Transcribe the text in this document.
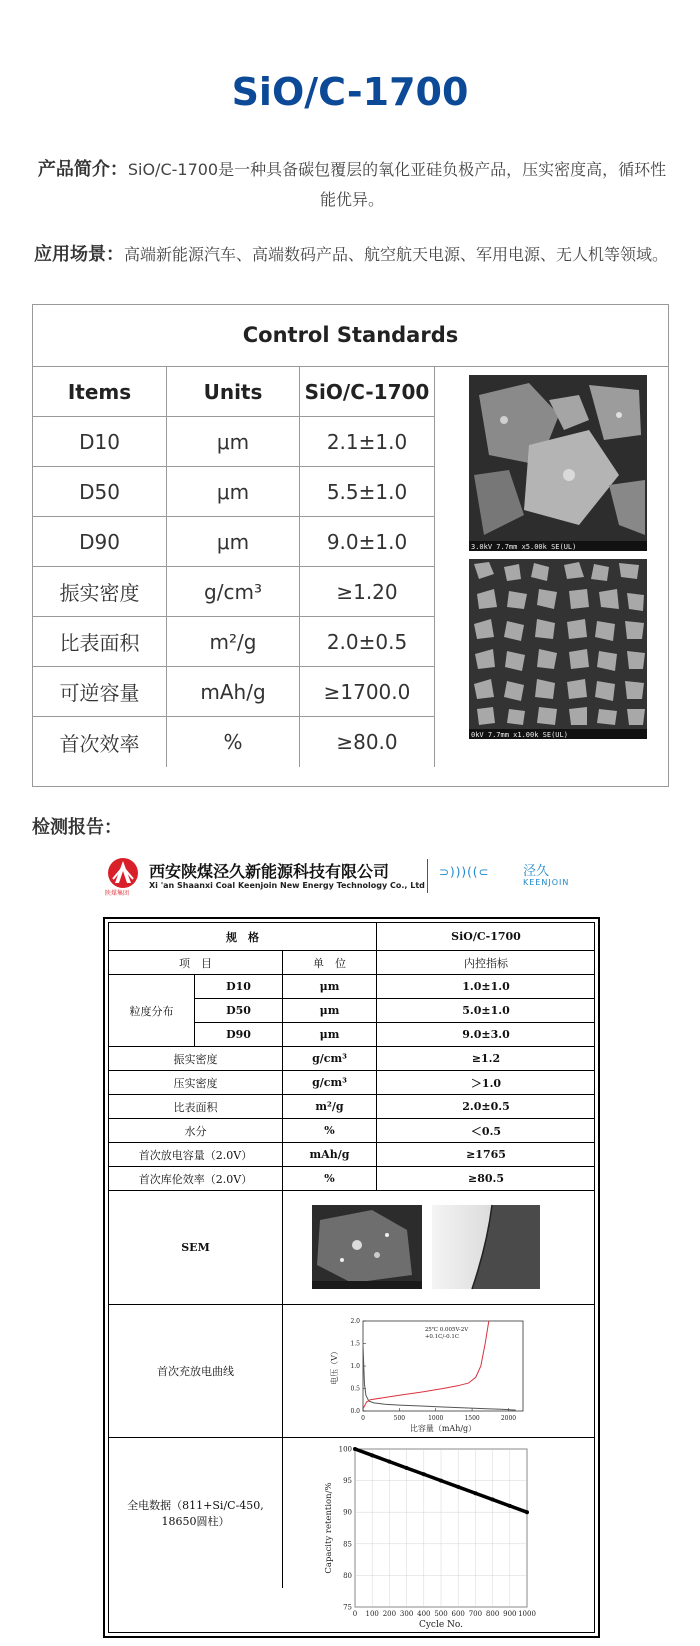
SiO/C-1700
产品简介：SiO/C-1700是一种具备碳包覆层的氧化亚硅负极产品，压实密度高，循环性能优异。
应用场景：高端新能源汽车、高端数码产品、航空航天电源、军用电源、无人机等领域。
Control Standards
Items	Units	SiO/C-1700
D10	μm	2.1±1.0
D50	μm	5.5±1.0
D90	μm	9.0±1.0
振实密度	g/cm³	≥1.20
比表面积	m²/g	2.0±0.5
可逆容量	mAh/g	≥1700.0
首次效率	%	≥80.0
3.0kV 7.7mm x5.00k SE(UL)
0kV 7.7mm x1.00k SE(UL)
检测报告：
陕煤集团
西安陕煤泾久新能源科技有限公司
Xi 'an Shaanxi Coal Keenjoin New Energy Technology Co., Ltd
⊃)))((⊂	泾久
KEENJOIN
0	500	1000	1500	2000
0.0
0.5
1.0
1.5
2.0
比容量（mAh/g）
电压（V）
25℃ 0.005V-2V
+0.1C/-0.1C
0 100 200 300 400 500 600 700 800 900 1000
75
80
85
90
95
100
Cycle No.
Capacity retention/%
规　格	SiO/C-1700
项　目	单　位	内控指标
粒度分布
D10	μm	1.0±1.0
D50	μm	5.0±1.0
D90	μm	9.0±3.0
振实密度	g/cm³	≥1.2
压实密度	g/cm³	＞1.0
比表面积	m²/g	2.0±0.5
水分	%	＜0.5
首次放电容量（2.0V）	mAh/g	≥1765
首次库伦效率（2.0V）	%	≥80.5
SEM
首次充放电曲线
全电数据（811+Si/C-450, 18650圆柱）
